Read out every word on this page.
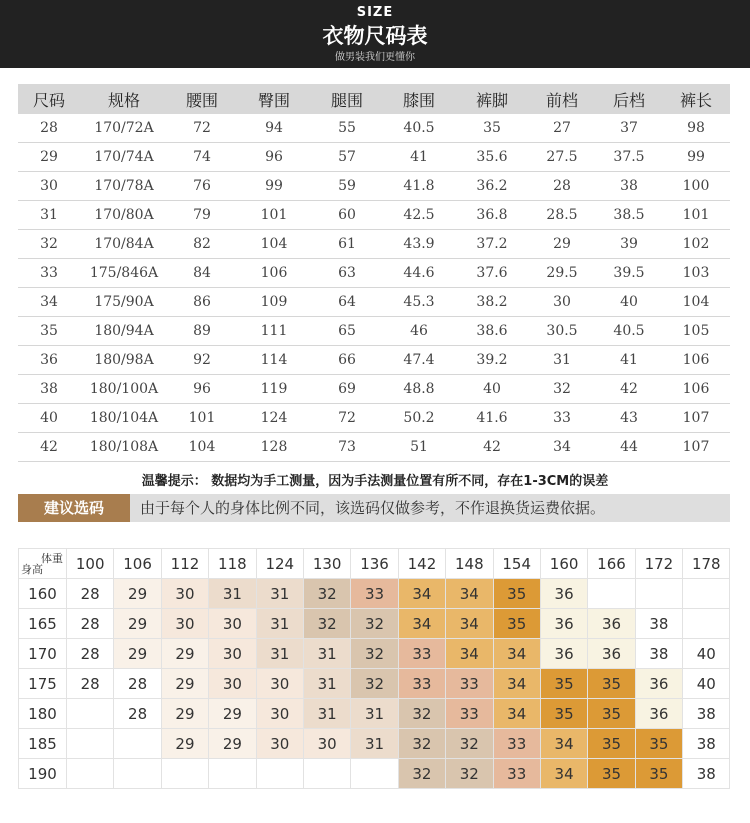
SIZE
衣物尺码表
做男装我们更懂你
尺码	规格	腰围	臀围	腿围	膝围	裤脚	前档	后档	裤长
28	170/72A	72	94	55	40.5	35	27	37	98
29	170/74A	74	96	57	41	35.6	27.5	37.5	99
30	170/78A	76	99	59	41.8	36.2	28	38	100
31	170/80A	79	101	60	42.5	36.8	28.5	38.5	101
32	170/84A	82	104	61	43.9	37.2	29	39	102
33	175/846A	84	106	63	44.6	37.6	29.5	39.5	103
34	175/90A	86	109	64	45.3	38.2	30	40	104
35	180/94A	89	111	65	46	38.6	30.5	40.5	105
36	180/98A	92	114	66	47.4	39.2	31	41	106
38	180/100A	96	119	69	48.8	40	32	42	106
40	180/104A	101	124	72	50.2	41.6	33	43	107
42	180/108A	104	128	73	51	42	34	44	107
温馨提示： 数据均为手工测量，因为手法测量位置有所不同，存在1-3CM的误差
建议选码	由于每个人的身体比例不同，该选码仅做参考，不作退换货运费依据。
体重
身高	100	106	112	118	124	130	136	142	148	154	160	166	172	178
160	28	29	30	31	31	32	33	34	34	35	36			
165	28	29	30	30	31	32	32	34	34	35	36	36	38	
170	28	29	29	30	31	31	32	33	34	34	36	36	38	40
175	28	28	29	30	30	31	32	33	33	34	35	35	36	40
180		28	29	29	30	31	31	32	33	34	35	35	36	38
185			29	29	30	30	31	32	32	33	34	35	35	38
190								32	32	33	34	35	35	38
